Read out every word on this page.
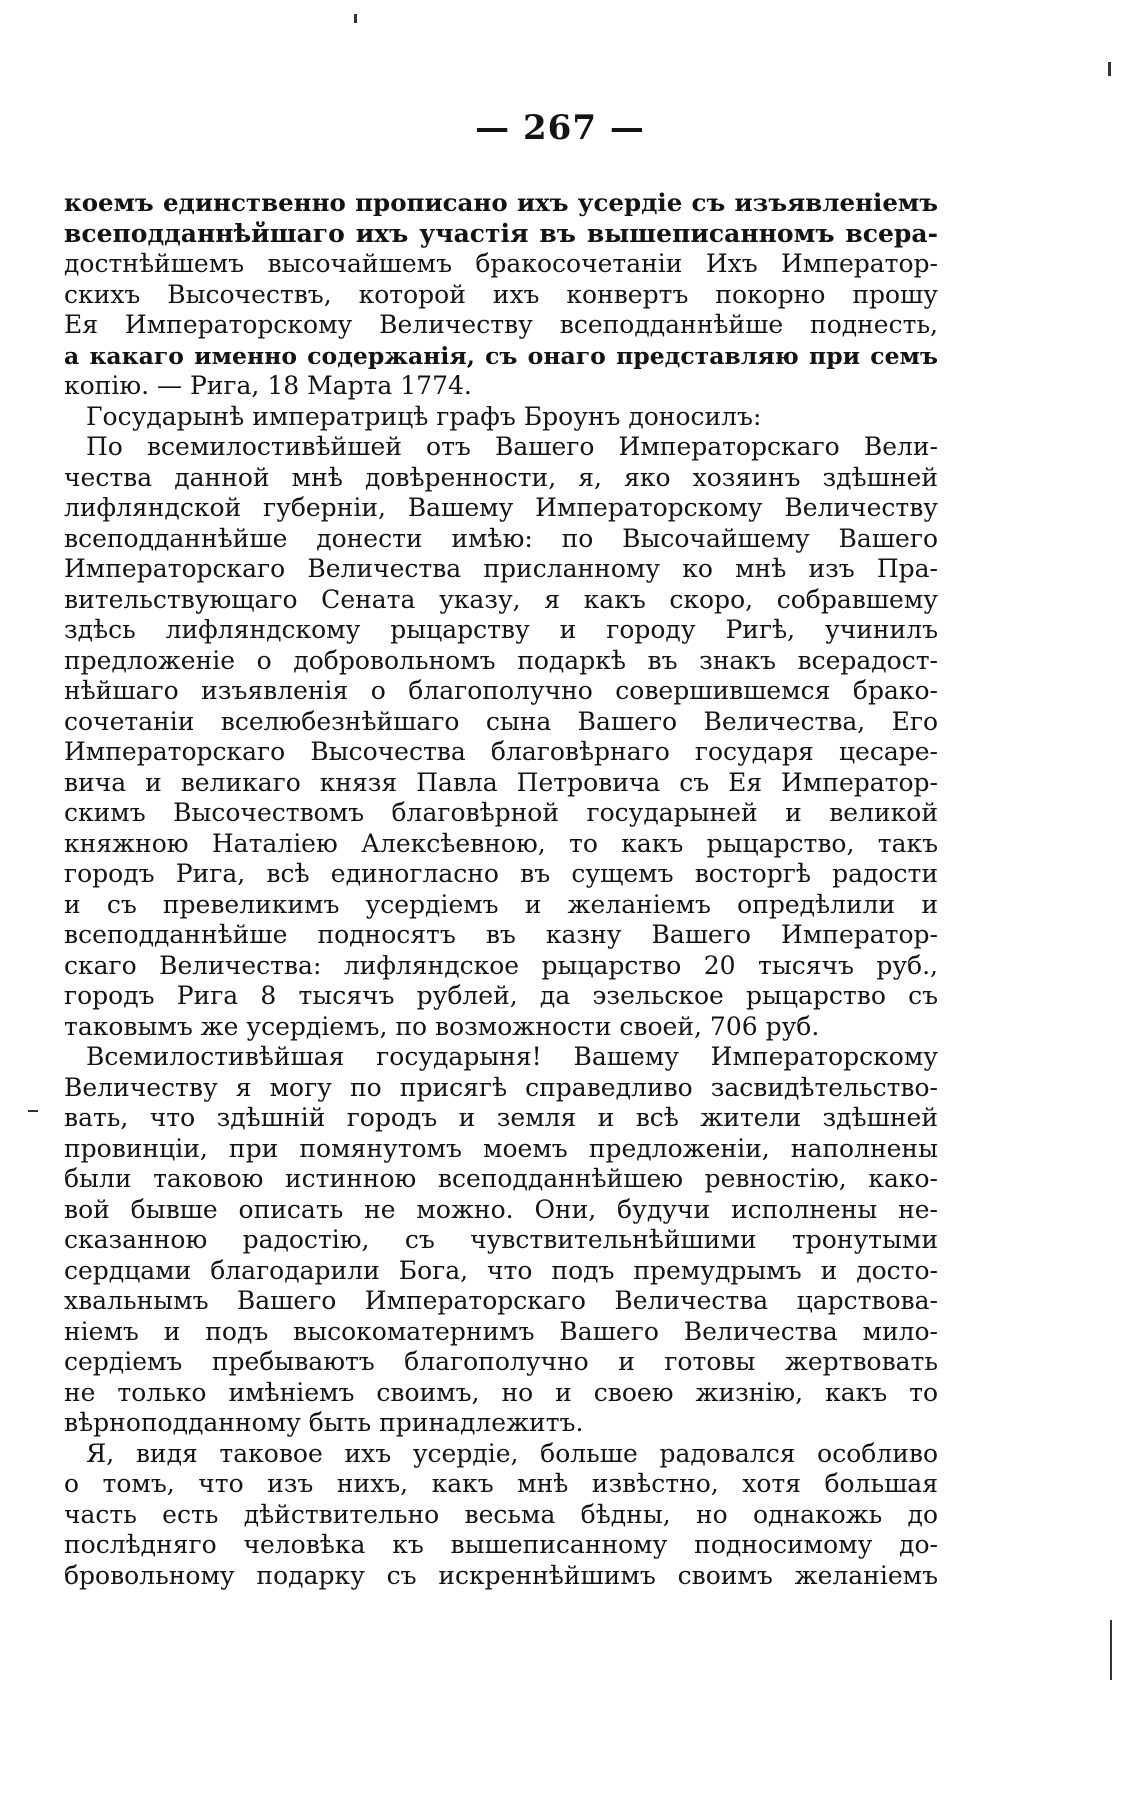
— 267 —
коемъ единственно прописано ихъ усердіе съ изъявленіемъ
всеподданнѣйшаго ихъ участія въ вышеписанномъ всера-
достнѣйшемъ высочайшемъ бракосочетаніи Ихъ Император-
скихъ Высочествъ, которой ихъ конвертъ покорно прошу
Ея Императорскому Величеству всеподданнѣйше поднесть,
а какаго именно содержанія, съ онаго представляю при семъ
копію. — Рига, 18 Марта 1774.
Государынѣ императрицѣ графъ Броунъ доносилъ:
По всемилостивѣйшей отъ Вашего Императорскаго Вели-
чества данной мнѣ довѣренности, я, яко хозяинъ здѣшней
лифляндской губерніи, Вашему Императорскому Величеству
всеподданнѣйше донести имѣю: по Высочайшему Вашего
Императорскаго Величества присланному ко мнѣ изъ Пра-
вительствующаго Сената указу, я какъ скоро, собравшему
здѣсь лифляндскому рыцарству и городу Ригѣ, учинилъ
предложеніе о добровольномъ подаркѣ въ знакъ всерадост-
нѣйшаго изъявленія о благополучно совершившемся брако-
сочетаніи вселюбезнѣйшаго сына Вашего Величества, Его
Императорскаго Высочества благовѣрнаго государя цесаре-
вича и великаго князя Павла Петровича съ Ея Император-
скимъ Высочествомъ благовѣрной государыней и великой
княжною Наталіею Алексѣевною, то какъ рыцарство, такъ
городъ Рига, всѣ единогласно въ сущемъ восторгѣ радости
и съ превеликимъ усердіемъ и желаніемъ опредѣлили и
всеподданнѣйше подносятъ въ казну Вашего Император-
скаго Величества: лифляндское рыцарство 20 тысячъ руб.,
городъ Рига 8 тысячъ рублей, да эзельское рыцарство съ
таковымъ же усердіемъ, по возможности своей, 706 руб.
Всемилостивѣйшая государыня! Вашему Императорскому
Величеству я могу по присягѣ справедливо засвидѣтельство-
вать, что здѣшній городъ и земля и всѣ жители здѣшней
провинціи, при помянутомъ моемъ предложеніи, наполнены
были таковою истинною всеподданнѣйшею ревностію, како-
вой бывше описать не можно. Они, будучи исполнены не-
сказанною радостію, съ чувствительнѣйшими тронутыми
сердцами благодарили Бога, что подъ премудрымъ и досто-
хвальнымъ Вашего Императорскаго Величества царствова-
ніемъ и подъ высокоматернимъ Вашего Величества мило-
сердіемъ пребываютъ благополучно и готовы жертвовать
не только имѣніемъ своимъ, но и своею жизнію, какъ то
вѣрноподданному быть принадлежитъ.
Я, видя таковое ихъ усердіе, больше радовался особливо
о томъ, что изъ нихъ, какъ мнѣ извѣстно, хотя большая
часть есть дѣйствительно весьма бѣдны, но однакожь до
послѣдняго человѣка къ вышеписанному подносимому до-
бровольному подарку съ искреннѣйшимъ своимъ желаніемъ
